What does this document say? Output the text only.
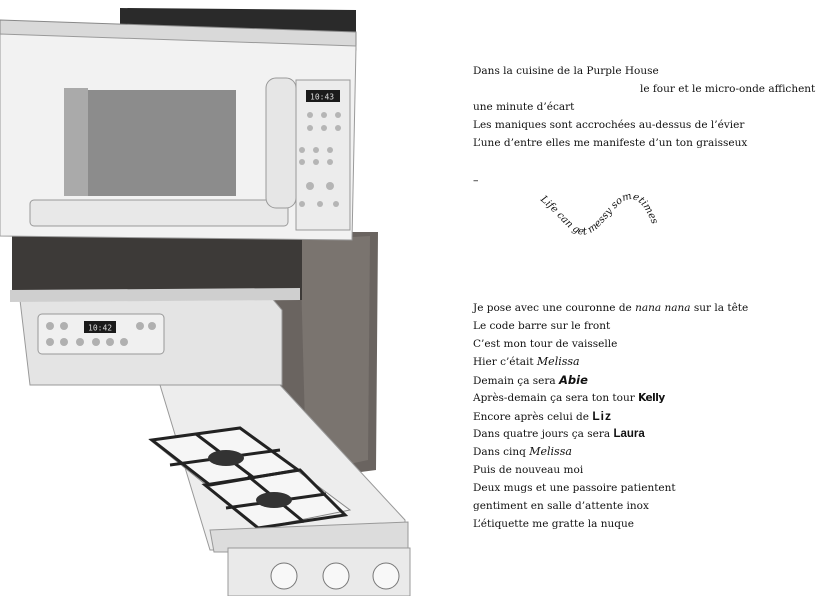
10:43
10:42
Dans la cuisine de la Purple House
le four et le micro-onde affichent
une minute d’écart
Les maniques sont accrochées au-dessus de l’évier
L’une d’entre elles me manifeste d’un ton graisseux
–
Life can get messy sometimes
Je pose avec une couronne de nana nana sur la tête
Le code barre sur le front
C’est mon tour de vaisselle
Hier c’était Melissa
Demain ça sera Abie
Après-demain ça sera ton tour Kelly
Encore après celui de Liz
Dans quatre jours ça sera Laura
Dans cinq Melissa
Puis de nouveau moi
Deux mugs et une passoire patientent
gentiment en salle d’attente inox
L’étiquette me gratte la nuque
